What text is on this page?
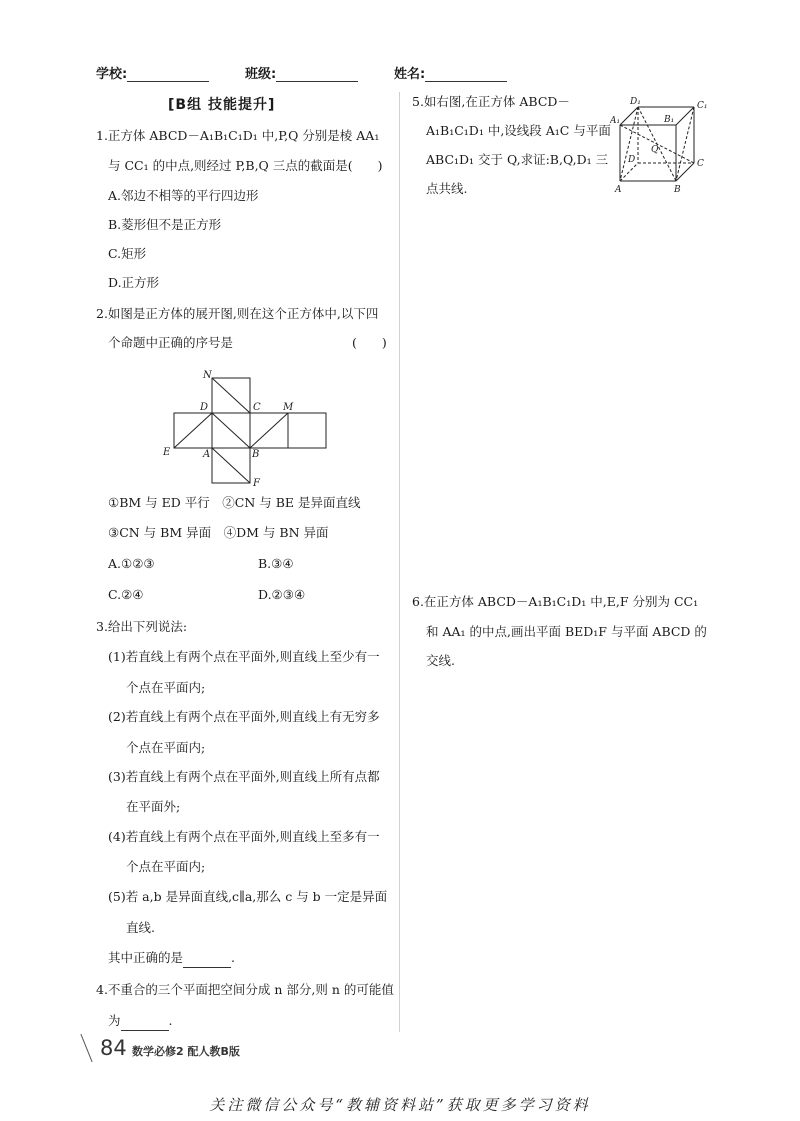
学校:	班级:	姓名:
[B组 技能提升]
1.正方体 ABCD－A₁B₁C₁D₁ 中,P,Q 分别是棱 AA₁
与 CC₁ 的中点,则经过 P,B,Q 三点的截面是(　　)
A.邻边不相等的平行四边形
B.菱形但不是正方形
C.矩形
D.正方形
2.如图是正方体的展开图,则在这个正方体中,以下四
个命题中正确的序号是	(　　)
N
D	C M
E	A	B
F
①BM 与 ED 平行　②CN 与 BE 是异面直线
③CN 与 BM 异面　④DM 与 BN 异面
A.①②③	B.③④
C.②④	D.②③④
3.给出下列说法:
(1)若直线上有两个点在平面外,则直线上至少有一
个点在平面内;
(2)若直线上有两个点在平面外,则直线上有无穷多
个点在平面内;
(3)若直线上有两个点在平面外,则直线上所有点都
在平面外;
(4)若直线上有两个点在平面外,则直线上至多有一
个点在平面内;
(5)若 a,b 是异面直线,c∥a,那么 c 与 b 一定是异面
直线.
其中正确的是	.
4.不重合的三个平面把空间分成 n 部分,则 n 的可能值
为	.
5.如右图,在正方体 ABCD－
A₁B₁C₁D₁ 中,设线段 A₁C 与平面
ABC₁D₁ 交于 Q,求证:B,Q,D₁ 三
点共线.
D₁	C₁
A₁	B₁
Q
D	C
A	B
6.在正方体 ABCD－A₁B₁C₁D₁ 中,E,F 分别为 CC₁
和 AA₁ 的中点,画出平面 BED₁F 与平面 ABCD 的
交线.
84 数学必修2 配人教B版
关注微信公众号“教辅资料站”获取更多学习资料
